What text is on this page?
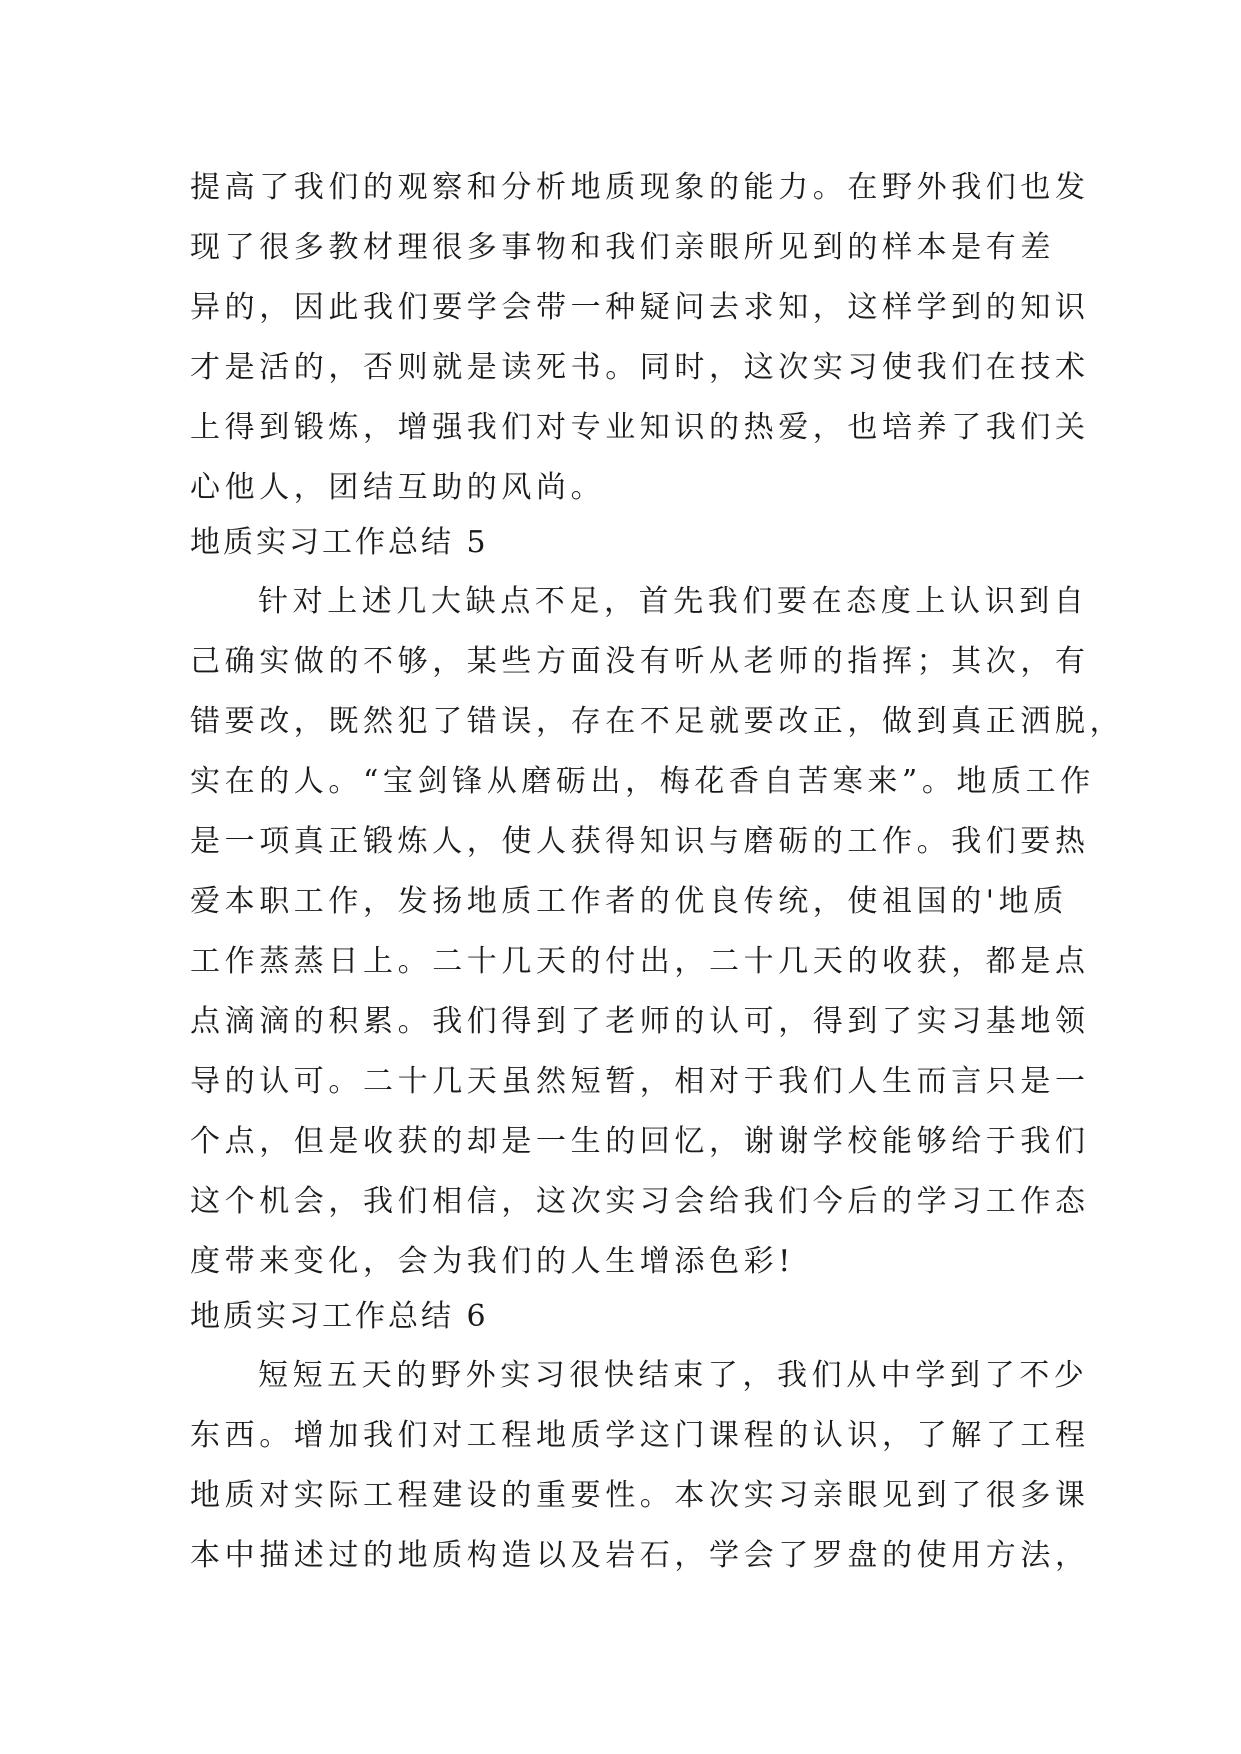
提高了我们的观察和分析地质现象的能力。在野外我们也发
现了很多教材理很多事物和我们亲眼所见到的样本是有差
异的，因此我们要学会带一种疑问去求知，这样学到的知识
才是活的，否则就是读死书。同时，这次实习使我们在技术
上得到锻炼，增强我们对专业知识的热爱，也培养了我们关
心他人，团结互助的风尚。
地质实习工作总结 5
针对上述几大缺点不足，首先我们要在态度上认识到自
己确实做的不够，某些方面没有听从老师的指挥；其次，有
错要改，既然犯了错误，存在不足就要改正，做到真正洒脱，
实在的人。“宝剑锋从磨砺出，梅花香自苦寒来”。地质工作
是一项真正锻炼人，使人获得知识与磨砺的工作。我们要热
爱本职工作，发扬地质工作者的优良传统，使祖国的'地质
工作蒸蒸日上。二十几天的付出，二十几天的收获，都是点
点滴滴的积累。我们得到了老师的认可，得到了实习基地领
导的认可。二十几天虽然短暂，相对于我们人生而言只是一
个点，但是收获的却是一生的回忆，谢谢学校能够给于我们
这个机会，我们相信，这次实习会给我们今后的学习工作态
度带来变化，会为我们的人生增添色彩!
地质实习工作总结 6
短短五天的野外实习很快结束了，我们从中学到了不少
东西。增加我们对工程地质学这门课程的认识，了解了工程
地质对实际工程建设的重要性。本次实习亲眼见到了很多课
本中描述过的地质构造以及岩石，学会了罗盘的使用方法，
